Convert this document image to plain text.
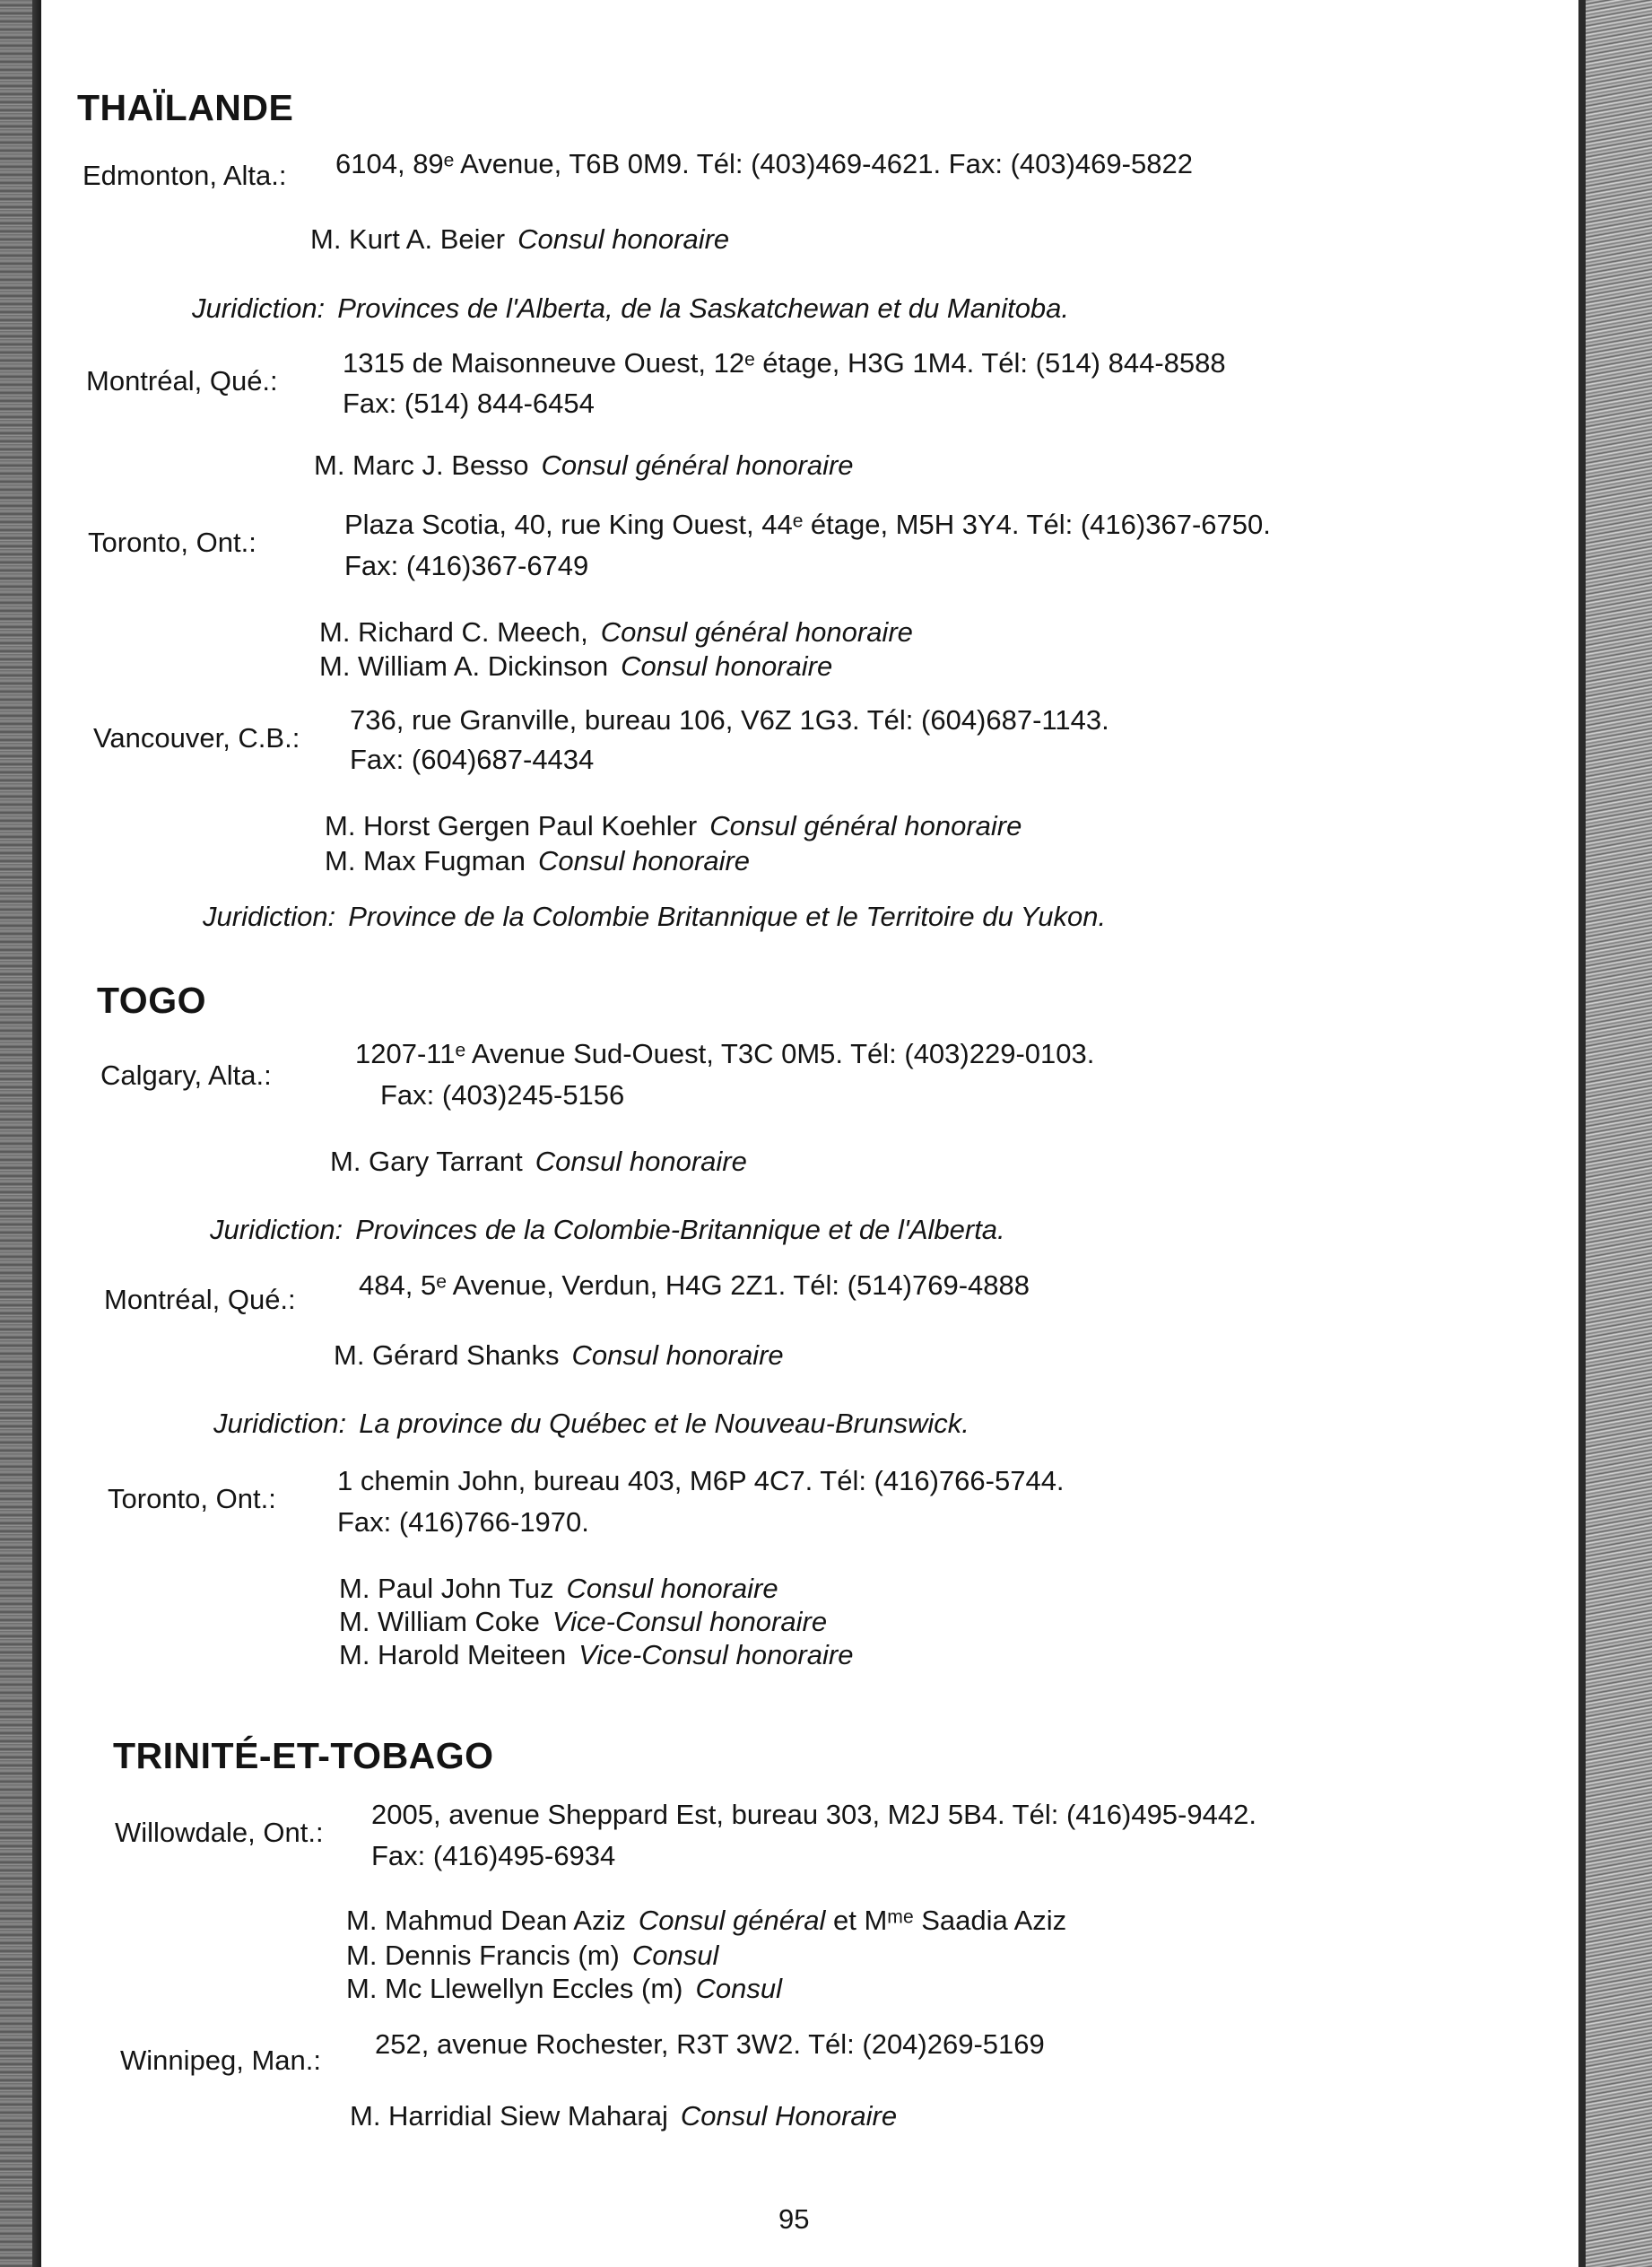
THAÏLANDE
Edmonton, Alta.: 6104, 89ᵉ Avenue, T6B 0M9. Tél: (403)469-4621. Fax: (403)469-5822
M. Kurt A. Beier Consul honoraire
Juridiction: Provinces de l'Alberta, de la Saskatchewan et du Manitoba.
Montréal, Qué.:
1315 de Maisonneuve Ouest, 12ᵉ étage, H3G 1M4. Tél: (514) 844-8588
Fax: (514) 844-6454
M. Marc J. Besso Consul général honoraire
Toronto, Ont.:
Plaza Scotia, 40, rue King Ouest, 44ᵉ étage, M5H 3Y4. Tél: (416)367-6750.
Fax: (416)367-6749
M. Richard C. Meech, Consul général honoraire
M. William A. Dickinson Consul honoraire
Vancouver, C.B.:
736, rue Granville, bureau 106, V6Z 1G3. Tél: (604)687-1143.
Fax: (604)687-4434
M. Horst Gergen Paul Koehler Consul général honoraire
M. Max Fugman Consul honoraire
Juridiction: Province de la Colombie Britannique et le Territoire du Yukon.
TOGO
Calgary, Alta.:
1207-11ᵉ Avenue Sud-Ouest, T3C 0M5. Tél: (403)229-0103.
Fax: (403)245-5156
M. Gary Tarrant Consul honoraire
Juridiction: Provinces de la Colombie-Britannique et de l'Alberta.
Montréal, Qué.: 484, 5ᵉ Avenue, Verdun, H4G 2Z1. Tél: (514)769-4888
M. Gérard Shanks Consul honoraire
Juridiction: La province du Québec et le Nouveau-Brunswick.
Toronto, Ont.:
1 chemin John, bureau 403, M6P 4C7. Tél: (416)766-5744.
Fax: (416)766-1970.
M. Paul John Tuz Consul honoraire
M. William Coke Vice-Consul honoraire
M. Harold Meiteen Vice-Consul honoraire
TRINITÉ-ET-TOBAGO
Willowdale, Ont.:
2005, avenue Sheppard Est, bureau 303, M2J 5B4. Tél: (416)495-9442.
Fax: (416)495-6934
M. Mahmud Dean Aziz Consul général et Mᵐᵉ Saadia Aziz
M. Dennis Francis (m) Consul
M. Mc Llewellyn Eccles (m) Consul
Winnipeg, Man.:
252, avenue Rochester, R3T 3W2. Tél: (204)269-5169
M. Harridial Siew Maharaj Consul Honoraire
95
